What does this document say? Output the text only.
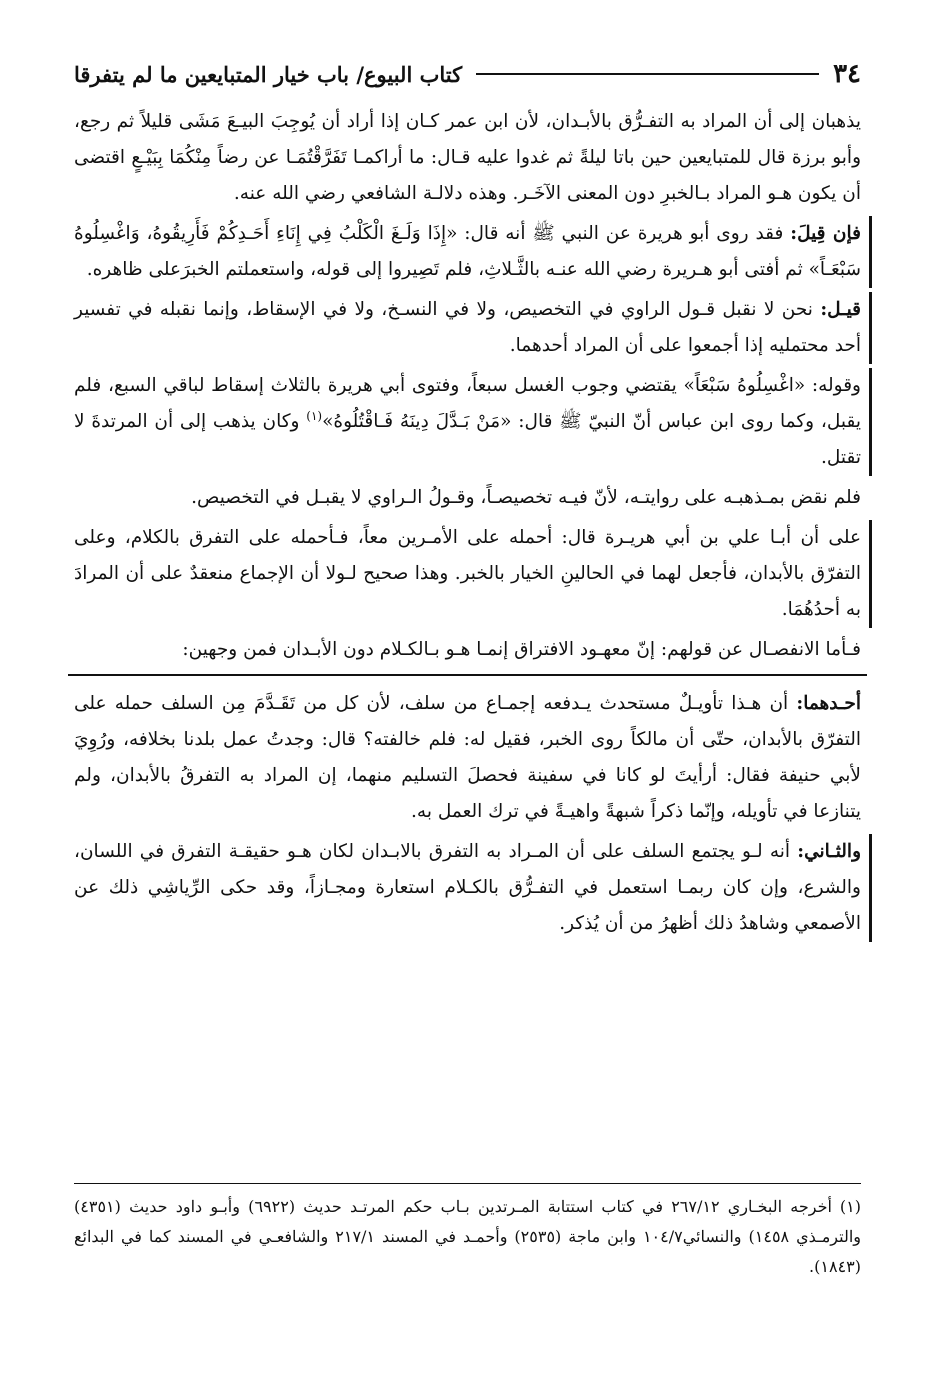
٣٤
كتاب البيوع/ باب خيار المتبايعين ما لم يتفرقا

يذهبان إلى أن المراد به التفـرُّق بالأبـدان، لأن ابن عمر كـان إذا أراد أن يُوجِبَ البيـعَ مَشَى قليلاً ثم رجع، وأبو برزة قال للمتبايعين حين باتا ليلةً ثم غدوا عليه قـال: ما أراكمـا تَفَرَّقْتُمَـا عن رضاً مِنْكُمَا بِبَيْـعٍ اقتضى أن يكون هـو المراد بـالخبرِ دون المعنى الآخَـر. وهذه دلالـة الشافعي رضي الله عنه.

فإن قِيلَ: فقد روى أبو هريرة عن النبي ﷺ أنه قال: «إِذَا وَلَـغَ الْكَلْبُ فِي إِنَاءِ أَحَـدِكُمْ فَأَرِيقُوهُ، وَاغْسِلُوهُ سَبْعَـاً» ثم أفتى أبو هـريرة رضي الله عنـه بالثَّـلاثِ، فلم تَصِيروا إلى قوله، واستعملتم الخبرَعلى ظاهره.

قيـل: نحن لا نقبل قـول الراوي في التخصيص، ولا في النسـخ، ولا في الإسقاط، وإنما نقبله في تفسير أحد محتمليه إذا أجمعوا على أن المراد أحدهما.

وقوله: «اغْسِلُوهُ سَبْعَاً» يقتضي وجوب الغسل سبعاً، وفتوى أبي هريرة بالثلاث إسقاط لباقي السبع، فلم يقبل، وكما روى ابن عباس أنّ النبيّ ﷺ قال: «مَنْ بَـدَّلَ دِينَهُ فَـاقْتُلُوهُ»$^{(١)}$ وكان يذهب إلى أن المرتدةَ لا تقتل.

فلم نقض بمـذهبـه على روايتـه، لأنّ فيـه تخصيصـاً، وقـولُ الـراوي لا يقبـل في التخصيص.

على أن أبـا علي بن أبي هريـرة قال: أحمله على الأمـرين معاً، فـأحمله على التفرق بالكلام، وعلى التفرّق بالأبدان، فأجعل لهما في الحالينِ الخيار بالخبر. وهذا صحيح لـولا أن الإجماع منعقدٌ على أن المرادَ به أحدُهُمَا.

فـأما الانفصـال عن قولهم: إنّ معهـود الافتراق إنمـا هـو بـالكـلام دون الأبـدان فمن وجهين:

أحـدهما: أن هـذا تأويـلٌ مستحدث يـدفعه إجمـاع من سلف، لأن كل من تَقَـدَّمَ مِن السلف حمله على التفرّق بالأبدان، حتّى أن مالكاً روى الخبر، فقيل له: فلم خالفته؟ قال: وجدتُ عمل بلدنا بخلافه، ورُوِيَ لأبي حنيفة فقال: أرأيتَ لو كانا في سفينة فحصلَ التسليم منهما، إن المراد به التفرقُ بالأبدان، ولم يتنازعا في تأويله، وإنّما ذكراً شبهةً واهيـةً في ترك العمل به.

والثـاني: أنه لـو يجتمع السلف على أن المـراد به التفرق بالابـدان لكان هـو حقيقـة التفرق في اللسان، والشرع، وإن كان ربمـا استعمل في التفـرُّق بالكـلام استعارة ومجـازاً، وقد حكى الرِّياشِي ذلك عن الأصمعي وشاهدُ ذلك أظهرُ من أن يُذكر.

(١)أخرجه البخـاري ٢٦٧/١٢ في كتاب استتابة المـرتدين بـاب حكم المرتـد حديث (٦٩٢٢) وأبـو داود حديث (٤٣٥١) والترمـذي ١٤٥٨) والنسائي١٠٤/٧ وابن ماجة (٢٥٣٥) وأحمـد في المسند ٢١٧/١ والشافعـي في المسند كما في البدائع (١٨٤٣).
